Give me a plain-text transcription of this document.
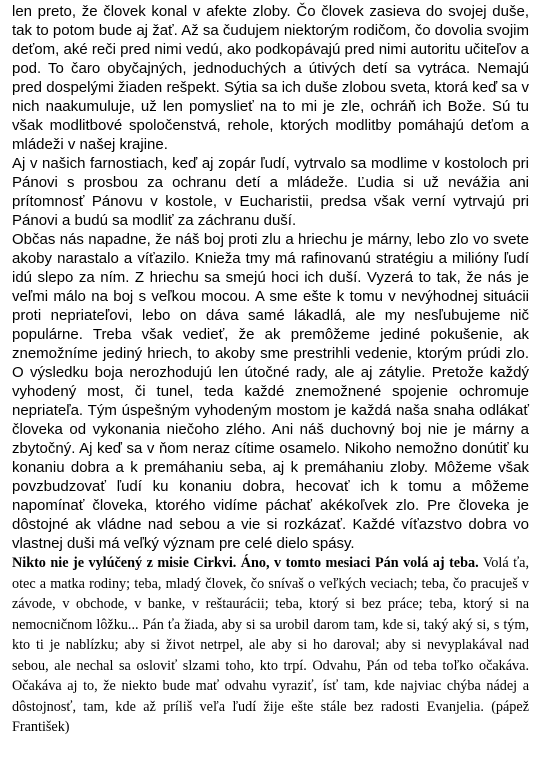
len preto, že človek konal v afekte zloby. Čo človek zasieva do svojej duše, tak to potom bude aj žať. Až sa čudujem niektorým rodičom, čo dovolia svojim deťom, aké reči pred nimi vedú, ako podkopávajú pred nimi autoritu učiteľov a pod. To čaro obyčajných, jednoduchých a útivých detí sa vytráca. Nemajú pred dospelými žiaden rešpekt. Sýtia sa ich duše zlobou sveta, ktorá keď sa v nich naakumuluje, už len pomyslieť na to mi je zle, ochráň ich Bože. Sú tu však modlitbové spoločenstvá, rehole, ktorých modlitby pomáhajú deťom a mládeži v našej krajine.

Aj v našich farnostiach, keď aj zopár ľudí, vytrvalo sa modlime v kostoloch pri Pánovi s prosbou za ochranu detí a mládeže. Ľudia si už nevážia ani prítomnosť Pánovu v kostole, v Eucharistii, predsa však verní vytrvajú pri Pánovi a budú sa modliť za záchranu duší.

Občas nás napadne, že náš boj proti zlu a hriechu je márny, lebo zlo vo svete akoby narastalo a víťazilo. Knieža tmy má rafinovanú stratégiu a milióny ľudí idú slepo za ním. Z hriechu sa smejú hoci ich duší. Vyzerá to tak, že nás je veľmi málo na boj s veľkou mocou. A sme ešte k tomu v nevýhodnej situácii proti nepriateľovi, lebo on dáva samé lákadlá, ale my nesľubujeme nič populárne. Treba však vedieť, že ak premôžeme jediné pokušenie, ak znemožníme jediný hriech, to akoby sme prestrihli vedenie, ktorým prúdi zlo. O výsledku boja nerozhodujú len útočné rady, ale aj zátylie. Pretože každý vyhodený most, či tunel, teda každé znemožnené spojenie ochromuje nepriateľa. Tým úspešným vyhodeným mostom je každá naša snaha odlákať človeka od vykonania niečoho zlého. Ani náš duchovný boj nie je márny a zbytočný. Aj keď sa v ňom neraz cítime osamelo. Nikoho nemožno donútiť ku konaniu dobra a k premáhaniu seba, aj k premáhaniu zloby. Môžeme však povzbudzovať ľudí ku konaniu dobra, hecovať ich k tomu a môžeme napomínať človeka, ktorého vidíme páchať akékoľvek zlo. Pre človeka je dôstojné ak vládne nad sebou a vie si rozkázať. Každé víťazstvo dobra vo vlastnej duši má veľký význam pre celé dielo spásy.

Nikto nie je vylúčený z misie Cirkvi. Áno, v tomto mesiaci Pán volá aj teba. Volá ťa, otec a matka rodiny; teba, mladý človek, čo snívaš o veľkých veciach; teba, čo pracuješ v závode, v obchode, v banke, v reštaurácii; teba, ktorý si bez práce; teba, ktorý si na nemocničnom lôžku... Pán ťa žiada, aby si sa urobil darom tam, kde si, taký aký si, s tým, kto ti je nablízku; aby si život netrpel, ale aby si ho daroval; aby si nevyplakával nad sebou, ale nechal sa osloviť slzami toho, kto trpí. Odvahu, Pán od teba toľko očakáva. Očakáva aj to, že niekto bude mať odvahu vyraziť, ísť tam, kde najviac chýba nádej a dôstojnosť, tam, kde až príliš veľa ľudí žije ešte stále bez radosti Evanjelia. (pápež František)
